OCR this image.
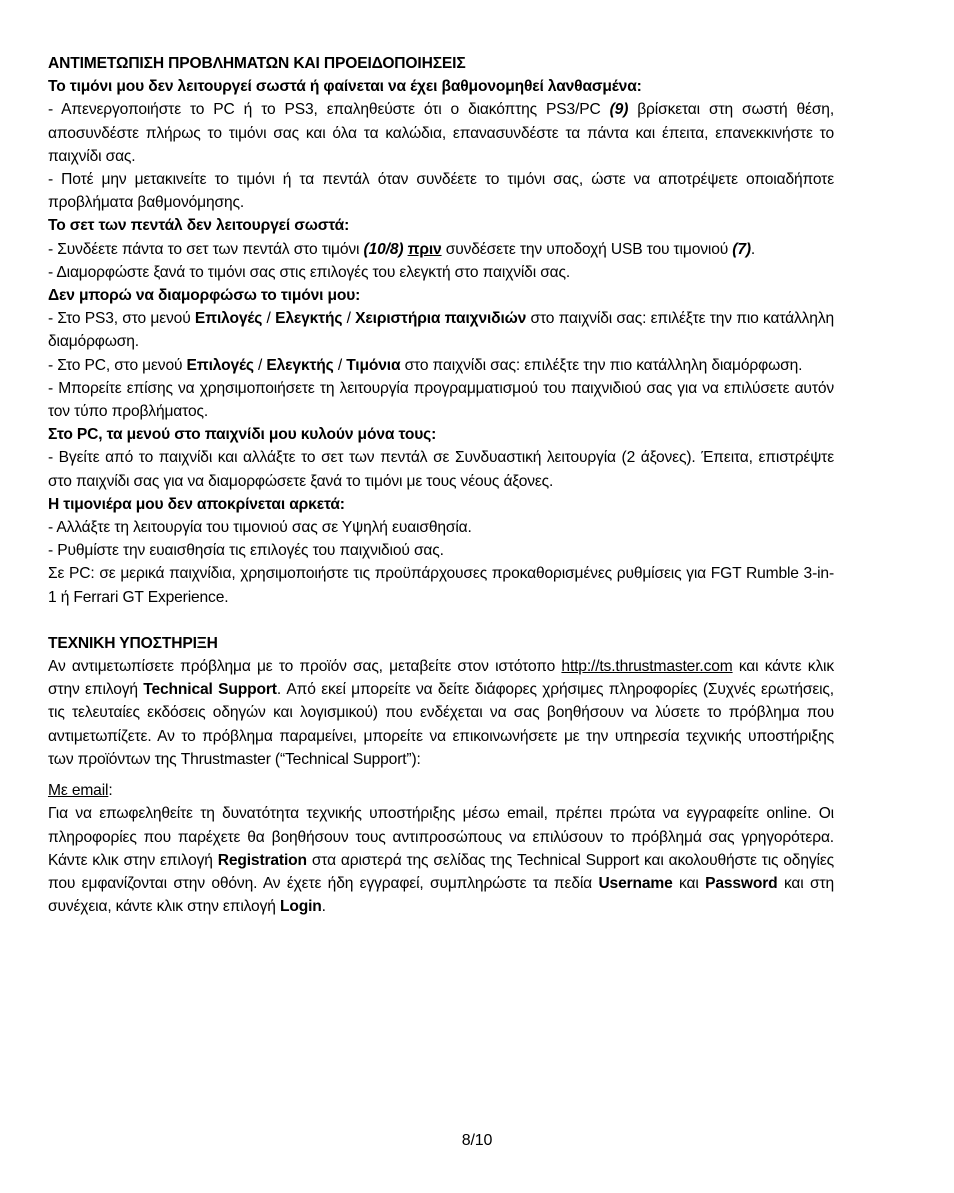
ΑΝΤΙΜΕΤΩΠΙΣΗ ΠΡΟΒΛΗΜΑΤΩΝ ΚΑΙ ΠΡΟΕΙΔΟΠΟΙΗΣΕΙΣ

Το τιμόνι μου δεν λειτουργεί σωστά ή φαίνεται να έχει βαθμονομηθεί λανθασμένα:

- Απενεργοποιήστε το PC ή το PS3, επαληθεύστε ότι ο διακόπτης PS3/PC (9) βρίσκεται στη σωστή θέση, αποσυνδέστε πλήρως το τιμόνι σας και όλα τα καλώδια, επανασυνδέστε τα πάντα και έπειτα, επανεκκινήστε το παιχνίδι σας.

- Ποτέ μην μετακινείτε το τιμόνι ή τα πεντάλ όταν συνδέετε το τιμόνι σας, ώστε να αποτρέψετε οποιαδήποτε προβλήματα βαθμονόμησης.

Το σετ των πεντάλ δεν λειτουργεί σωστά:

- Συνδέετε πάντα το σετ των πεντάλ στο τιμόνι (10/8) πριν συνδέσετε την υποδοχή USB του τιμονιού (7).

- Διαμορφώστε ξανά το τιμόνι σας στις επιλογές του ελεγκτή στο παιχνίδι σας.

Δεν μπορώ να διαμορφώσω το τιμόνι μου:

- Στο PS3, στο μενού Επιλογές / Ελεγκτής / Χειριστήρια παιχνιδιών στο παιχνίδι σας: επιλέξτε την πιο κατάλληλη διαμόρφωση.

- Στο PC, στο μενού Επιλογές / Ελεγκτής / Τιμόνια στο παιχνίδι σας: επιλέξτε την πιο κατάλληλη διαμόρφωση.

- Μπορείτε επίσης να χρησιμοποιήσετε τη λειτουργία προγραμματισμού του παιχνιδιού σας για να επιλύσετε αυτόν τον τύπο προβλήματος.

Στο PC, τα μενού στο παιχνίδι μου κυλούν μόνα τους:

- Βγείτε από το παιχνίδι και αλλάξτε το σετ των πεντάλ σε Συνδυαστική λειτουργία (2 άξονες). Έπειτα, επιστρέψτε στο παιχνίδι σας για να διαμορφώσετε ξανά το τιμόνι με τους νέους άξονες.

Η τιμονιέρα μου δεν αποκρίνεται αρκετά:

- Αλλάξτε τη λειτουργία του τιμονιού σας σε Υψηλή ευαισθησία.

- Ρυθμίστε την ευαισθησία τις επιλογές του παιχνιδιού σας.

Σε PC: σε μερικά παιχνίδια, χρησιμοποιήστε τις προϋπάρχουσες προκαθορισμένες ρυθμίσεις για FGT Rumble 3-in-1 ή Ferrari GT Experience.

ΤΕΧΝΙΚΗ ΥΠΟΣΤΗΡΙΞΗ

Αν αντιμετωπίσετε πρόβλημα με το προϊόν σας, μεταβείτε στον ιστότοπο http://ts.thrustmaster.com και κάντε κλικ στην επιλογή Technical Support. Από εκεί μπορείτε να δείτε διάφορες χρήσιμες πληροφορίες (Συχνές ερωτήσεις, τις τελευταίες εκδόσεις οδηγών και λογισμικού) που ενδέχεται να σας βοηθήσουν να λύσετε το πρόβλημα που αντιμετωπίζετε. Αν το πρόβλημα παραμείνει, μπορείτε να επικοινωνήσετε με την υπηρεσία τεχνικής υποστήριξης των προϊόντων της Thrustmaster (“Technical Support”):

Με email:

Για να επωφεληθείτε τη δυνατότητα τεχνικής υποστήριξης μέσω email, πρέπει πρώτα να εγγραφείτε online. Οι πληροφορίες που παρέχετε θα βοηθήσουν τους αντιπροσώπους να επιλύσουν το πρόβλημά σας γρηγορότερα. Κάντε κλικ στην επιλογή Registration στα αριστερά της σελίδας της Technical Support και ακολουθήστε τις οδηγίες που εμφανίζονται στην οθόνη. Αν έχετε ήδη εγγραφεί, συμπληρώστε τα πεδία Username και Password και στη συνέχεια, κάντε κλικ στην επιλογή Login.

8/10
